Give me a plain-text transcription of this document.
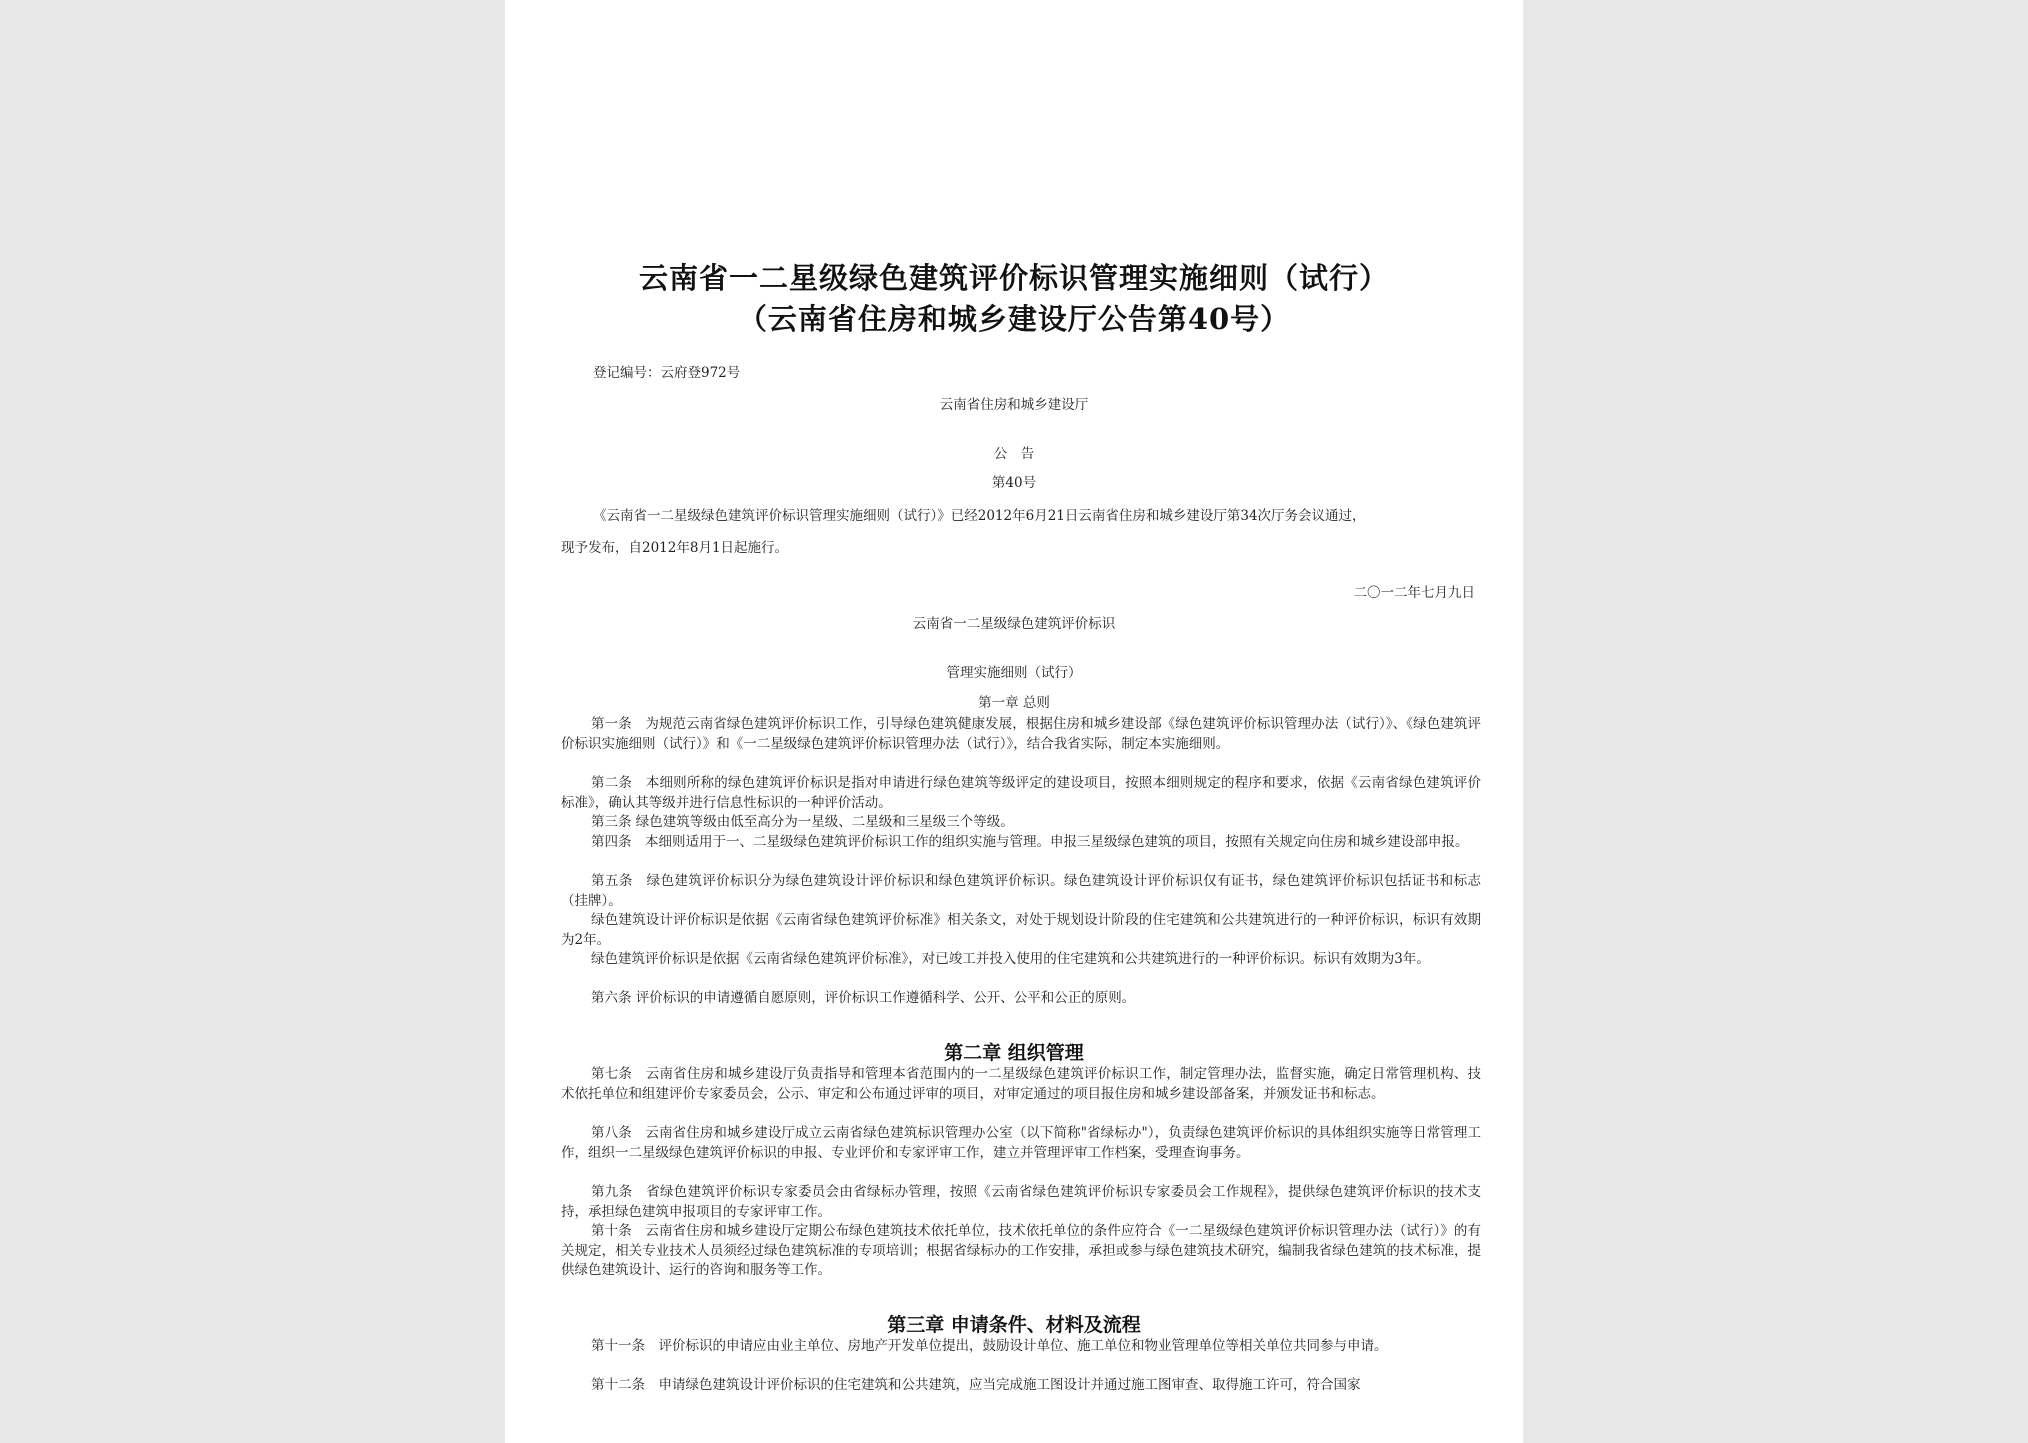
云南省一二星级绿色建筑评价标识管理实施细则（试行）
（云南省住房和城乡建设厅公告第40号）
登记编号：云府登972号
云南省住房和城乡建设厅
公　告
第40号
《云南省一二星级绿色建筑评价标识管理实施细则（试行）》已经2012年6月21日云南省住房和城乡建设厅第34次厅务会议通过，
现予发布，自2012年8月1日起施行。
二〇一二年七月九日
云南省一二星级绿色建筑评价标识
管理实施细则（试行）
第一章 总则
第一条　为规范云南省绿色建筑评价标识工作，引导绿色建筑健康发展，根据住房和城乡建设部《绿色建筑评价标识管理办法（试行）》、《绿色建筑评价标识实施细则（试行）》和《一二星级绿色建筑评价标识管理办法（试行）》，结合我省实际，制定本实施细则。
第二条　本细则所称的绿色建筑评价标识是指对申请进行绿色建筑等级评定的建设项目，按照本细则规定的程序和要求，依据《云南省绿色建筑评价标准》，确认其等级并进行信息性标识的一种评价活动。
第三条 绿色建筑等级由低至高分为一星级、二星级和三星级三个等级。
第四条　本细则适用于一、二星级绿色建筑评价标识工作的组织实施与管理。申报三星级绿色建筑的项目，按照有关规定向住房和城乡建设部申报。
第五条　绿色建筑评价标识分为绿色建筑设计评价标识和绿色建筑评价标识。绿色建筑设计评价标识仅有证书，绿色建筑评价标识包括证书和标志（挂牌）。
绿色建筑设计评价标识是依据《云南省绿色建筑评价标准》相关条文，对处于规划设计阶段的住宅建筑和公共建筑进行的一种评价标识，标识有效期为2年。
绿色建筑评价标识是依据《云南省绿色建筑评价标准》，对已竣工并投入使用的住宅建筑和公共建筑进行的一种评价标识。标识有效期为3年。
第六条 评价标识的申请遵循自愿原则，评价标识工作遵循科学、公开、公平和公正的原则。
第二章 组织管理
第七条　云南省住房和城乡建设厅负责指导和管理本省范围内的一二星级绿色建筑评价标识工作，制定管理办法，监督实施，确定日常管理机构、技术依托单位和组建评价专家委员会，公示、审定和公布通过评审的项目，对审定通过的项目报住房和城乡建设部备案，并颁发证书和标志。
第八条　云南省住房和城乡建设厅成立云南省绿色建筑标识管理办公室（以下简称"省绿标办"），负责绿色建筑评价标识的具体组织实施等日常管理工作，组织一二星级绿色建筑评价标识的申报、专业评价和专家评审工作，建立并管理评审工作档案，受理查询事务。
第九条　省绿色建筑评价标识专家委员会由省绿标办管理，按照《云南省绿色建筑评价标识专家委员会工作规程》，提供绿色建筑评价标识的技术支持，承担绿色建筑申报项目的专家评审工作。
第十条　云南省住房和城乡建设厅定期公布绿色建筑技术依托单位，技术依托单位的条件应符合《一二星级绿色建筑评价标识管理办法（试行）》的有关规定，相关专业技术人员须经过绿色建筑标准的专项培训；根据省绿标办的工作安排，承担或参与绿色建筑技术研究，编制我省绿色建筑的技术标准，提供绿色建筑设计、运行的咨询和服务等工作。
第三章 申请条件、材料及流程
第十一条　评价标识的申请应由业主单位、房地产开发单位提出，鼓励设计单位、施工单位和物业管理单位等相关单位共同参与申请。
第十二条　申请绿色建筑设计评价标识的住宅建筑和公共建筑，应当完成施工图设计并通过施工图审查、取得施工许可，符合国家
